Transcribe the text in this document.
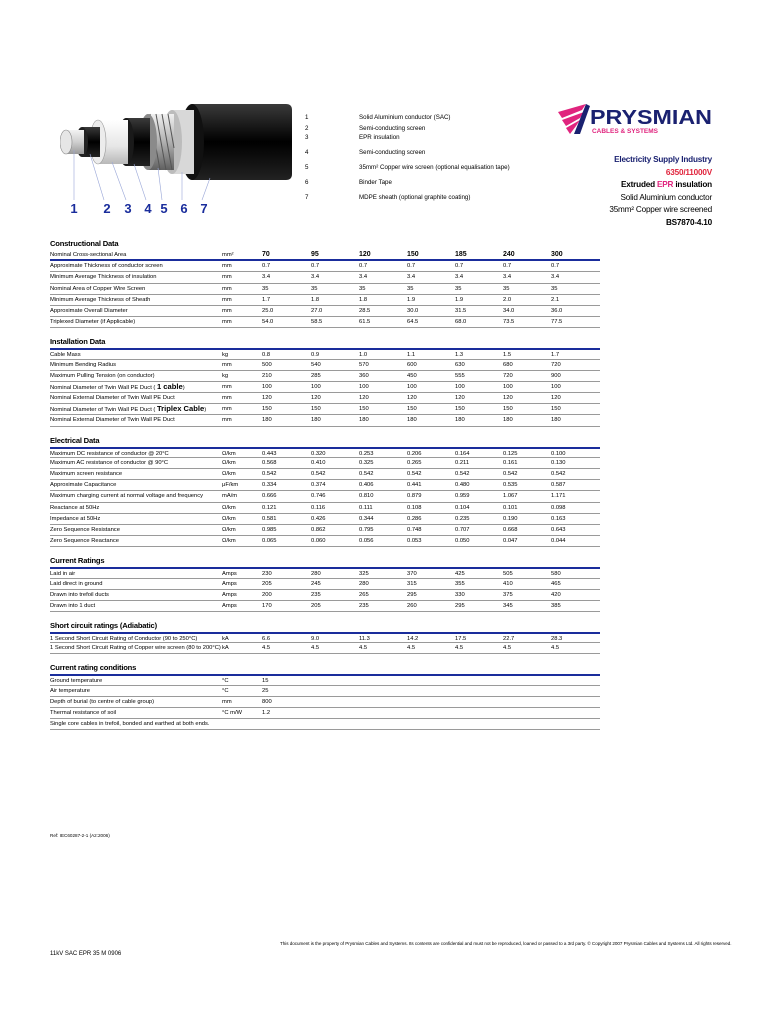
1 2 3 4 5 6 7
1	Solid Aluminium conductor (SAC)
2	Semi-conducting screen
3	EPR insulation
4	Semi-conducting screen
5	35mm² Copper wire screen (optional equalisation tape)
6	Binder Tape
7	MDPE sheath (optional graphite coating)
PRYSMIAN
CABLES & SYSTEMS
Electricity Supply Industry
6350/11000V
Extruded EPR insulation
Solid Aluminium conductor
35mm² Copper wire screened
BS7870-4.10
Constructional Data
Nominal Cross-sectional Area	mm²	70	95	120	150	185	240	300
Approximate Thickness of conductor screen	mm	0.7	0.7	0.7	0.7	0.7	0.7	0.7
Minimum Average Thickness of insulation	mm	3.4	3.4	3.4	3.4	3.4	3.4	3.4
Nominal Area of Copper Wire Screen	mm	35	35	35	35	35	35	35
Minimum Average Thickness of Sheath	mm	1.7	1.8	1.8	1.9	1.9	2.0	2.1
Approximate Overall Diameter	mm	25.0	27.0	28.5	30.0	31.5	34.0	36.0
Triplexed Diameter (if Applicable)	mm	54.0	58.5	61.5	64.5	68.0	73.5	77.5
Installation Data
Cable Mass	kg	0.8	0.9	1.0	1.1	1.3	1.5	1.7
Minimum Bending Radius	mm	500	540	570	600	630	680	720
Maximum Pulling Tension (on conductor)	kg	210	285	360	450	555	720	900
Nominal Diameter of Twin Wall PE Duct ( 1 cable)	mm	100	100	100	100	100	100	100
Nominal External Diameter of Twin Wall PE Duct	mm	120	120	120	120	120	120	120
Nominal Diameter of Twin Wall PE Duct ( Triplex Cable)	mm	150	150	150	150	150	150	150
Nominal External Diameter of Twin Wall PE Duct	mm	180	180	180	180	180	180	180
Electrical Data
Maximum DC resistance of conductor @ 20°C	Ω/km	0.443	0.320	0.253	0.206	0.164	0.125	0.100
Maximum AC resistance of conductor @ 90°C	Ω/km	0.568	0.410	0.325	0.265	0.211	0.161	0.130
Maximum screen resistance	Ω/km	0.542	0.542	0.542	0.542	0.542	0.542	0.542
Approximate Capacitance	μF/km	0.334	0.374	0.406	0.441	0.480	0.535	0.587
Maximum charging current at normal voltage and frequency	mA/m	0.666	0.746	0.810	0.879	0.959	1.067	1.171
Reactance at 50Hz	Ω/km	0.121	0.116	0.111	0.108	0.104	0.101	0.098
Impedance at 50Hz	Ω/km	0.581	0.426	0.344	0.286	0.235	0.190	0.163
Zero Sequence Resistance	Ω/km	0.985	0.862	0.795	0.748	0.707	0.668	0.643
Zero Sequence Reactance	Ω/km	0.065	0.060	0.056	0.053	0.050	0.047	0.044
Current Ratings
Laid in air	Amps	230	280	325	370	425	505	580
Laid direct in ground	Amps	205	245	280	315	355	410	465
Drawn into trefoil ducts	Amps	200	235	265	295	330	375	420
Drawn into 1 duct	Amps	170	205	235	260	295	345	385
Short circuit ratings (Adiabatic)
1 Second Short Circuit Rating of Conductor (90 to 250°C)	kA	6.6	9.0	11.3	14.2	17.5	22.7	28.3
1 Second Short Circuit Rating of Copper wire screen (80 to 200°C) kA	4.5	4.5	4.5	4.5	4.5	4.5	4.5
Current rating conditions
Ground temperature	°C	15
Air temperature	°C	25
Depth of burial (to centre of cable group)	mm	800
Thermal resistance of soil	°C m/W	1.2
Single core cables in trefoil, bonded and earthed at both ends.
Ref: IEC60287-2-1 (A2:2006)
This document is the property of Prysmian Cables and Systems. Its contents are confidential and must not be reproduced, loaned or passed to a 3rd party. © Copyright 2007 Prysmian Cables and Systems Ltd. All rights reserved.
11kV SAC EPR 35 M 0906
